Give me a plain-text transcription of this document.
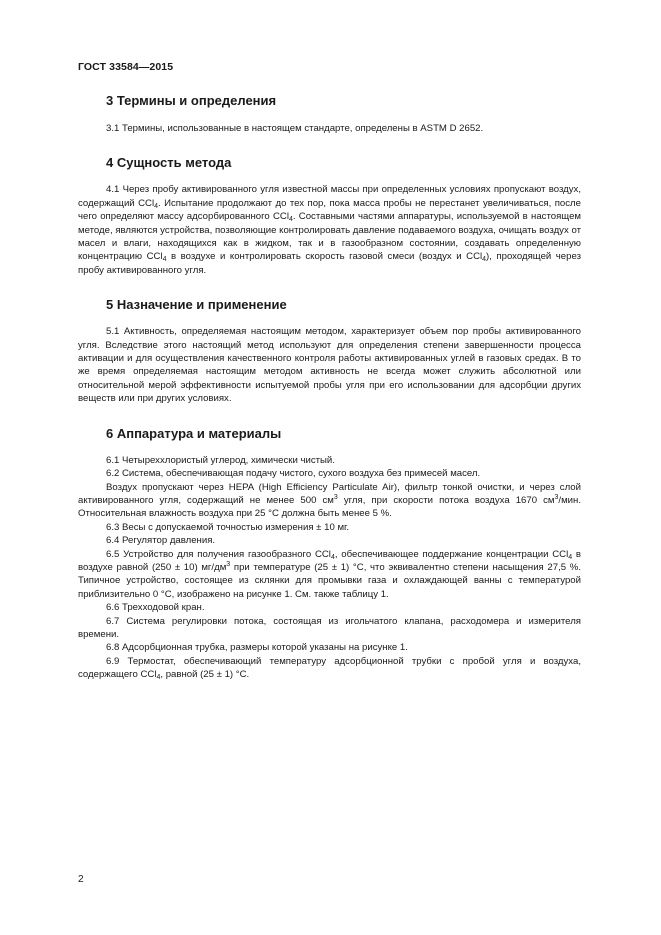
ГОСТ 33584—2015
3 Термины и определения

3.1 Термины, использованные в настоящем стандарте, определены в ASTM D 2652.

4 Сущность метода

4.1 Через пробу активированного угля известной массы при определенных условиях пропускают воздух, содержащий CCl$_4$. Испытание продолжают до тех пор, пока масса пробы не перестанет увеличиваться, после чего определяют массу адсорбированного CCl$_4$. Составными частями аппаратуры, используемой в настоящем методе, являются устройства, позволяющие контролировать давление подаваемого воздуха, очищать воздух от масел и влаги, находящихся как в жидком, так и в газообразном состоянии, создавать определенную концентрацию CCl$_4$ в воздухе и контролировать скорость газовой смеси (воздух и CCl$_4$), проходящей через пробу активированного угля.

5 Назначение и применение

5.1 Активность, определяемая настоящим методом, характеризует объем пор пробы активированного угля. Вследствие этого настоящий метод используют для определения степени завершенности процесса активации и для осуществления качественного контроля работы активированных углей в газовых средах. В то же время определяемая настоящим методом активность не всегда может служить абсолютной или относительной мерой эффективности испытуемой пробы угля при его использовании для адсорбции других веществ или при других условиях.

6 Аппаратура и материалы

6.1 Четыреххлористый углерод, химически чистый.

6.2 Система, обеспечивающая подачу чистого, сухого воздуха без примесей масел.

Воздух пропускают через HEPA (High Efficiency Particulate Air), фильтр тонкой очистки, и через слой активированного угля, содержащий не менее 500 $см^3$ угля, при скорости потока воздуха 1670 $см^3$/мин. Относительная влажность воздуха при 25 °С должна быть менее 5 %.

6.3 Весы с допускаемой точностью измерения ± 10 мг.

6.4 Регулятор давления.

6.5 Устройство для получения газообразного CCl$_4$, обеспечивающее поддержание концентрации CCl$_4$ в воздухе равной (250 ± 10) $мг/дм^3$ при температуре (25 ± 1) °С, что эквивалентно степени насыщения 27,5 %. Типичное устройство, состоящее из склянки для промывки газа и охлаждающей ванны с температурой приблизительно 0 °С, изображено на рисунке 1. См. также таблицу 1.

6.6 Трехходовой кран.

6.7 Система регулировки потока, состоящая из игольчатого клапана, расходомера и измерителя времени.

6.8 Адсорбционная трубка, размеры которой указаны на рисунке 1.

6.9 Термостат, обеспечивающий температуру адсорбционной трубки с пробой угля и воздуха, содержащего CCl$_4$, равной (25 ± 1) °С.

2
